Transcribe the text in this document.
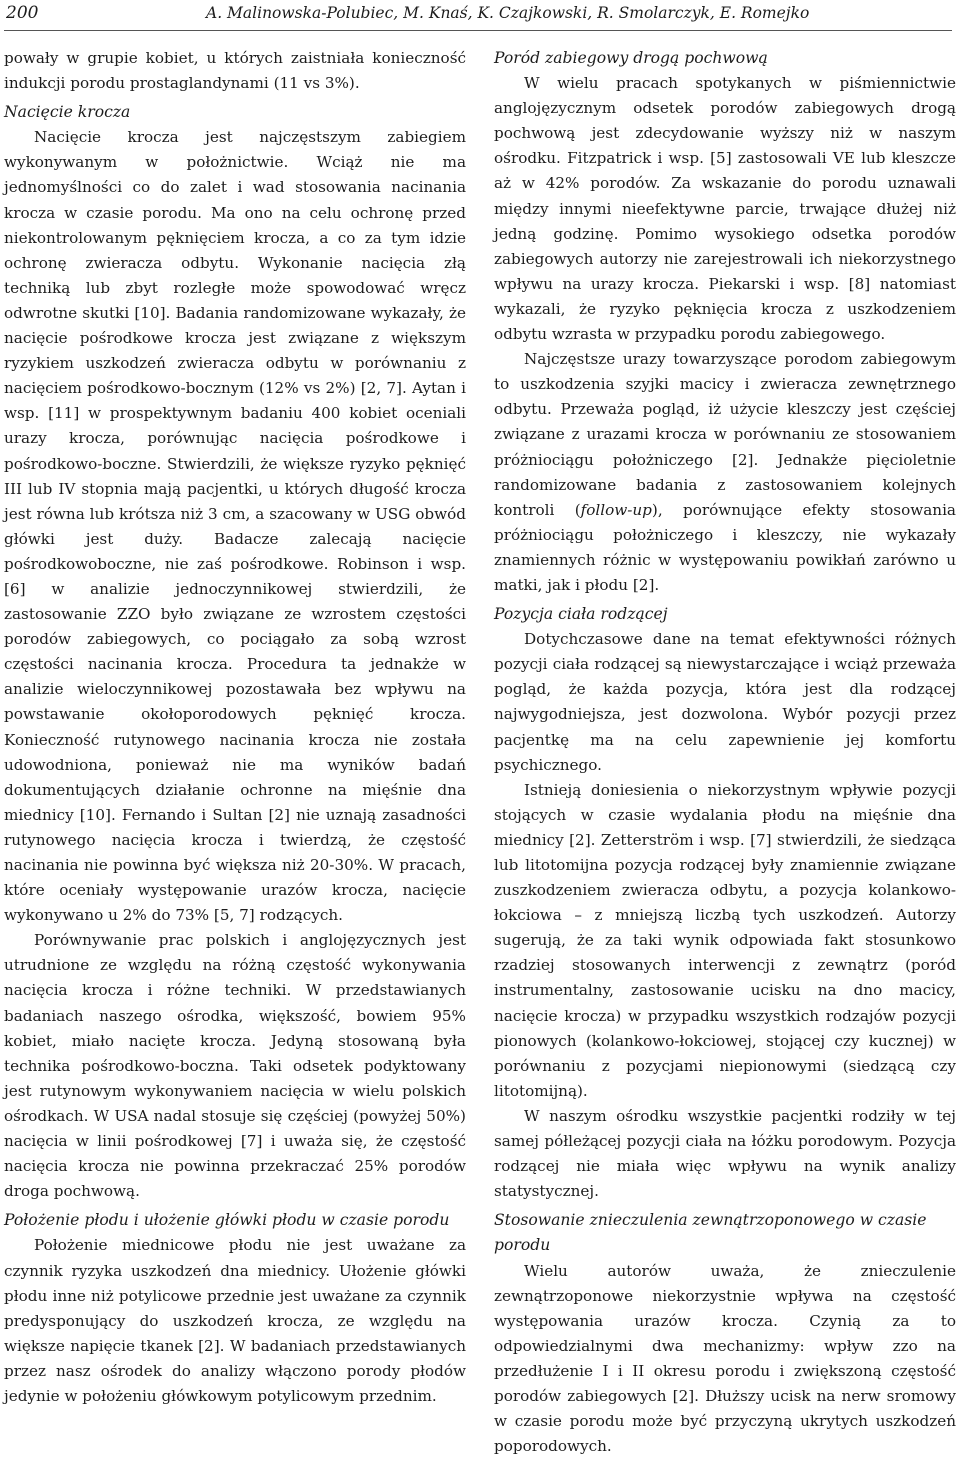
200	A. Malinowska-Polubiec, M. Knaś, K. Czajkowski, R. Smolarczyk, E. Romejko

powały w grupie kobiet, u których zaistniała konieczność indukcji porodu prostaglandynami (11 vs 3%).

Nacięcie krocza

Nacięcie krocza jest najczęstszym zabiegiem wykonywanym w położnictwie. Wciąż nie ma jednomyślności co do zalet i wad stosowania nacinania krocza w czasie porodu. Ma ono na celu ochronę przed niekontrolowanym pęknięciem krocza, a co za tym idzie ochronę zwieracza odbytu. Wykonanie nacięcia złą techniką lub zbyt rozległe może spowodować wręcz odwrotne skutki [10]. Badania randomizowane wykazały, że nacięcie pośrodkowe krocza jest związane z większym ryzykiem uszkodzeń zwieracza odbytu w porównaniu z nacięciem pośrodkowo-bocznym (12% vs 2%) [2, 7]. Aytan i wsp. [11] w prospektywnym badaniu 400 kobiet oceniali urazy krocza, porównując nacięcia pośrodkowe i pośrodkowo-boczne. Stwierdzili, że większe ryzyko pęknięć III lub IV stopnia mają pacjentki, u których długość krocza jest równa lub krótsza niż 3 cm, a szacowany w USG obwód główki jest duży. Badacze zalecają nacięcie pośrodkowoboczne, nie zaś pośrodkowe. Robinson i wsp. [6] w analizie jednoczynnikowej stwierdzili, że zastosowanie ZZO było związane ze wzrostem częstości porodów zabiegowych, co pociągało za sobą wzrost częstości nacinania krocza. Procedura ta jednakże w analizie wieloczynnikowej pozostawała bez wpływu na powstawanie okołoporodowych pęknięć krocza. Konieczność rutynowego nacinania krocza nie została udowodniona, ponieważ nie ma wyników badań dokumentujących działanie ochronne na mięśnie dna miednicy [10]. Fernando i Sultan [2] nie uznają zasadności rutynowego nacięcia krocza i twierdzą, że częstość nacinania nie powinna być większa niż 20-30%. W pracach, które oceniały występowanie urazów krocza, nacięcie wykonywano u 2% do 73% [5, 7] rodzących.

Porównywanie prac polskich i anglojęzycznych jest utrudnione ze względu na różną częstość wykonywania nacięcia krocza i różne techniki. W przedstawianych badaniach naszego ośrodka, większość, bowiem 95% kobiet, miało nacięte krocza. Jedyną stosowaną była technika pośrodkowo-boczna. Taki odsetek podyktowany jest rutynowym wykonywaniem nacięcia w wielu polskich ośrodkach. W USA nadal stosuje się częściej (powyżej 50%) nacięcia w linii pośrodkowej [7] i uważa się, że częstość nacięcia krocza nie powinna przekraczać 25% porodów droga pochwową.

Położenie płodu i ułożenie główki płodu w czasie porodu

Położenie miednicowe płodu nie jest uważane za czynnik ryzyka uszkodzeń dna miednicy. Ułożenie główki płodu inne niż potylicowe przednie jest uważane za czynnik predysponujący do uszkodzeń krocza, ze względu na większe napięcie tkanek [2]. W badaniach przedstawianych przez nasz ośrodek do analizy włączono porody płodów jedynie w położeniu główkowym potylicowym przednim.

Poród zabiegowy drogą pochwową

W wielu pracach spotykanych w piśmiennictwie anglojęzycznym odsetek porodów zabiegowych drogą pochwową jest zdecydowanie wyższy niż w naszym ośrodku. Fitzpatrick i wsp. [5] zastosowali VE lub kleszcze aż w 42% porodów. Za wskazanie do porodu uznawali między innymi nieefektywne parcie, trwające dłużej niż jedną godzinę. Pomimo wysokiego odsetka porodów zabiegowych autorzy nie zarejestrowali ich niekorzystnego wpływu na urazy krocza. Piekarski i wsp. [8] natomiast wykazali, że ryzyko pęknięcia krocza z uszkodzeniem odbytu wzrasta w przypadku porodu zabiegowego.

Najczęstsze urazy towarzyszące porodom zabiegowym to uszkodzenia szyjki macicy i zwieracza zewnętrznego odbytu. Przeważa pogląd, iż użycie kleszczy jest częściej związane z urazami krocza w porównaniu ze stosowaniem próżniociągu położniczego [2]. Jednakże pięcioletnie randomizowane badania z zastosowaniem kolejnych kontroli (follow-up), porównujące efekty stosowania próżniociągu położniczego i kleszczy, nie wykazały znamiennych różnic w występowaniu powikłań zarówno u matki, jak i płodu [2].

Pozycja ciała rodzącej

Dotychczasowe dane na temat efektywności różnych pozycji ciała rodzącej są niewystarczające i wciąż przeważa pogląd, że każda pozycja, która jest dla rodzącej najwygodniejsza, jest dozwolona. Wybór pozycji przez pacjentkę ma na celu zapewnienie jej komfortu psychicznego.

Istnieją doniesienia o niekorzystnym wpływie pozycji stojących w czasie wydalania płodu na mięśnie dna miednicy [2]. Zetterström i wsp. [7] stwierdzili, że siedząca lub litotomijna pozycja rodzącej były znamiennie związane zuszkodzeniem zwieracza odbytu, a pozycja kolankowo-łokciowa – z mniejszą liczbą tych uszkodzeń. Autorzy sugerują, że za taki wynik odpowiada fakt stosunkowo rzadziej stosowanych interwencji z zewnątrz (poród instrumentalny, zastosowanie ucisku na dno macicy, nacięcie krocza) w przypadku wszystkich rodzajów pozycji pionowych (kolankowo-łokciowej, stojącej czy kucznej) w porównaniu z pozycjami niepionowymi (siedzącą czy litotomijną).

W naszym ośrodku wszystkie pacjentki rodziły w tej samej półleżącej pozycji ciała na łóżku porodowym. Pozycja rodzącej nie miała więc wpływu na wynik analizy statystycznej.

Stosowanie znieczulenia zewnątrzoponowego w czasie porodu

Wielu autorów uważa, że znieczulenie zewnątrzoponowe niekorzystnie wpływa na częstość występowania urazów krocza. Czynią za to odpowiedzialnymi dwa mechanizmy: wpływ zzo na przedłużenie I i II okresu porodu i zwiększoną częstość porodów zabiegowych [2]. Dłuższy ucisk na nerw sromowy w czasie porodu może być przyczyną ukrytych uszkodzeń poporodowych.
